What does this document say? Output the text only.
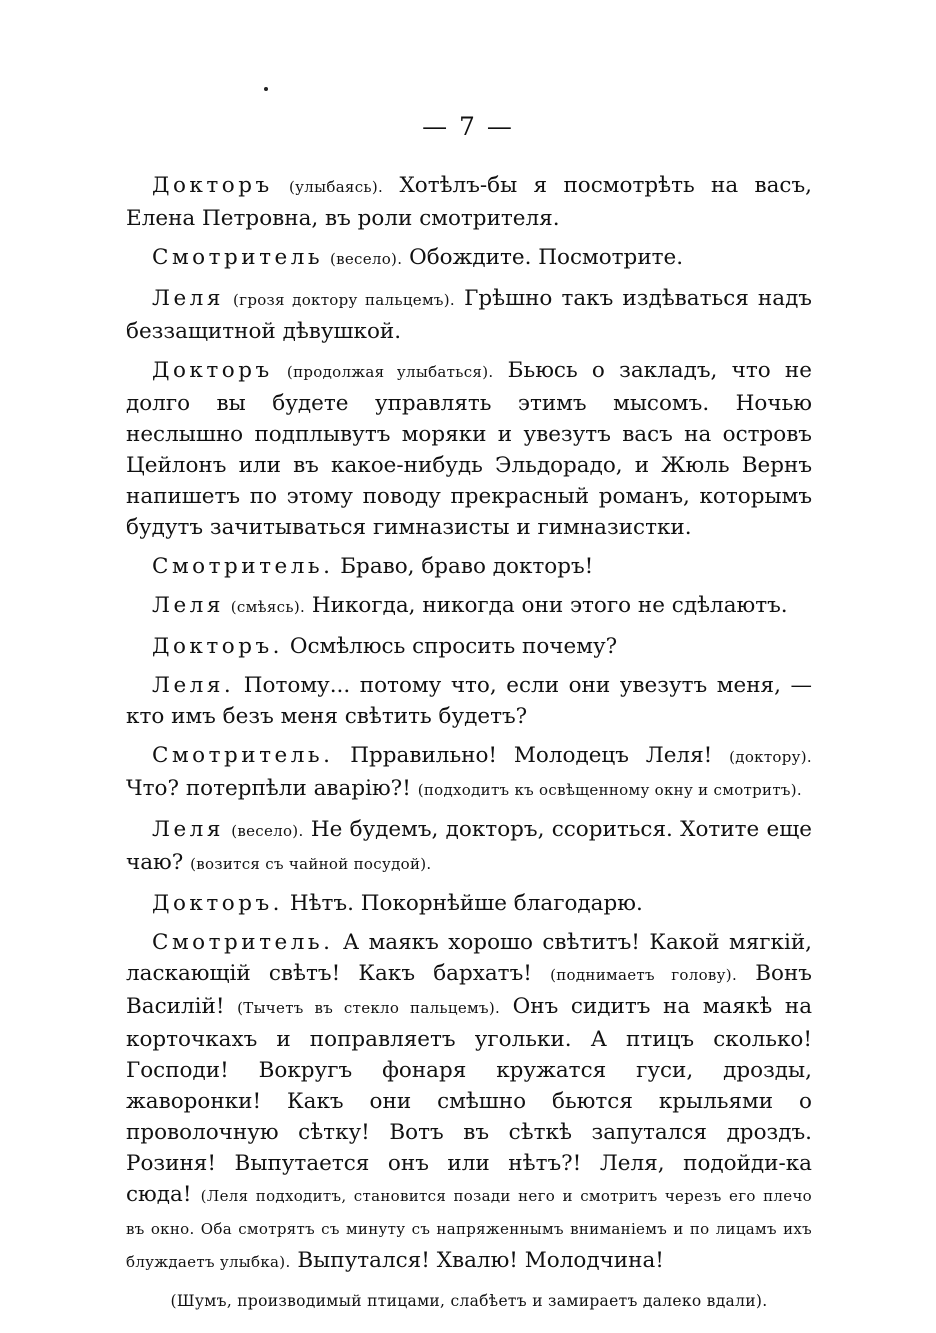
— 7 —

Докторъ (улыбаясь). Хотѣлъ-бы я посмотрѣть на васъ, Елена Петровна, въ роли смотрителя.

Смотритель (весело). Обождите. Посмотрите.

Леля (грозя доктору пальцемъ). Грѣшно такъ издѣваться надъ беззащитной дѣвушкой.

Докторъ (продолжая улыбаться). Бьюсь о закладъ, что не долго вы будете управлять этимъ мысомъ. Ночью неслышно подплывутъ моряки и увезутъ васъ на островъ Цейлонъ или въ какое-нибудь Эльдорадо, и Жюль Вернъ напишетъ по этому поводу прекрасный романъ, которымъ будутъ зачитываться гимназисты и гимназистки.

Смотритель. Браво, браво докторъ!

Леля (смѣясь). Никогда, никогда они этого не сдѣлаютъ.

Докторъ. Осмѣлюсь спросить почему?

Леля. Потому... потому что, если они увезутъ меня, — кто имъ безъ меня свѣтить будетъ?

Смотритель. Прравильно! Молодецъ Леля! (доктору). Что? потерпѣли аварію?! (подходитъ къ освѣщенному окну и смотритъ).

Леля (весело). Не будемъ, докторъ, ссориться. Хотите еще чаю? (возится съ чайной посудой).

Докторъ. Нѣтъ. Покорнѣйше благодарю.

Смотритель. А маякъ хорошо свѣтитъ! Какой мягкій, ласкающій свѣтъ! Какъ бархатъ! (поднимаетъ голову). Вонъ Василій! (Тычетъ въ стекло пальцемъ). Онъ сидитъ на маякѣ на корточкахъ и поправляетъ угольки. А птицъ сколько! Господи! Вокругъ фонаря кружатся гуси, дрозды, жаворонки! Какъ они смѣшно бьются крыльями о проволочную сѣтку! Вотъ въ сѣткѣ запутался дроздъ. Розиня! Выпутается онъ или нѣтъ?! Леля, подойди-ка сюда! (Леля подходитъ, становится позади него и смотритъ черезъ его плечо въ окно. Оба смотрятъ съ минуту съ напряженнымъ вниманіемъ и по лицамъ ихъ блуждаетъ улыбка). Выпутался! Хвалю! Молодчина!

(Шумъ, производимый птицами, слабѣетъ и замираетъ далеко вдали).
